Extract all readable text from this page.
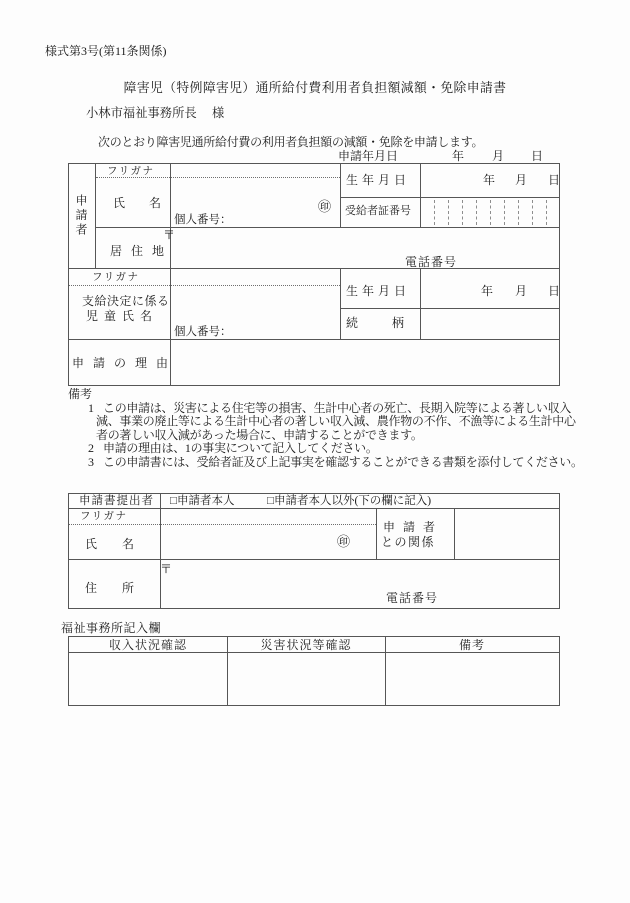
様式第3号(第11条関係)
障害児（特例障害児）通所給付費利用者負担額減額・免除申請書
小林市福祉事務所長 様
次のとおり障害児通所給付費の利用者負担額の減額・免除を申請します。
申請年月日	年 月 日
申請者
フリガナ
氏名	㊞
個人番号：
生年月日	年 月 日
受給者証番号
居住地
〒
電話番号
フリガナ
支給決定に係る
児童氏名
個人番号：
生年月日	年 月 日
続柄
申請の理由
備考
1 この申請は、災害による住宅等の損害、生計中心者の死亡、長期入院等による著しい収入
減、事業の廃止等による生計中心者の著しい収入減、農作物の不作、不漁等による生計中心
者の著しい収入減があった場合に、申請することができます。
2 申請の理由は、1の事実について記入してください。
3 この申請書には、受給者証及び上記事実を確認することができる書類を添付してください。
申請書提出者 □申請者本人	□申請者本人以外(下の欄に記入)
フリガナ
氏名	㊞
申請者
との関係
住所
〒
電話番号
福祉事務所記入欄
収入状況確認	災害状況等確認	備考
